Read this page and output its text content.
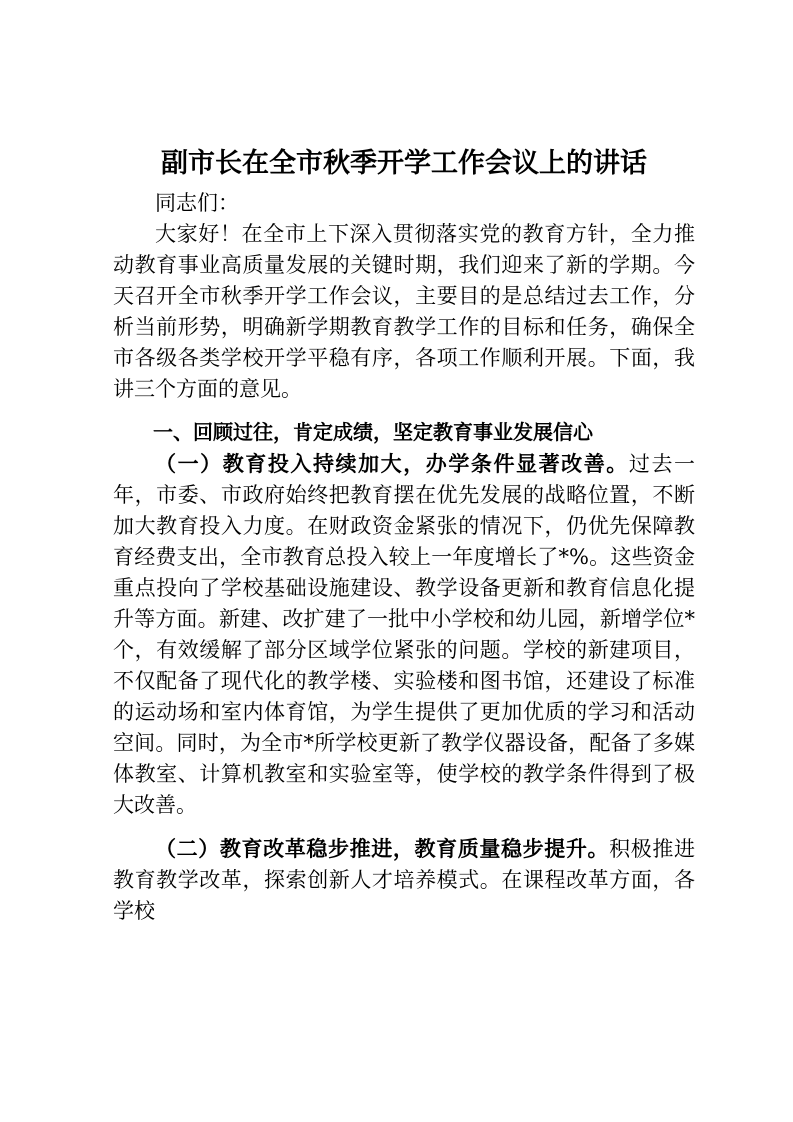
副市长在全市秋季开学工作会议上的讲话

同志们：

大家好！在全市上下深入贯彻落实党的教育方针，全力推动教育事业高质量发展的关键时期，我们迎来了新的学期。今天召开全市秋季开学工作会议，主要目的是总结过去工作，分析当前形势，明确新学期教育教学工作的目标和任务，确保全市各级各类学校开学平稳有序，各项工作顺利开展。下面，我讲三个方面的意见。

一、回顾过往，肯定成绩，坚定教育事业发展信心

（一）教育投入持续加大，办学条件显著改善。过去一年，市委、市政府始终把教育摆在优先发展的战略位置，不断加大教育投入力度。在财政资金紧张的情况下，仍优先保障教育经费支出，全市教育总投入较上一年度增长了*%。这些资金重点投向了学校基础设施建设、教学设备更新和教育信息化提升等方面。新建、改扩建了一批中小学校和幼儿园，新增学位*个，有效缓解了部分区域学位紧张的问题。学校的新建项目，不仅配备了现代化的教学楼、实验楼和图书馆，还建设了标准的运动场和室内体育馆，为学生提供了更加优质的学习和活动空间。同时，为全市*所学校更新了教学仪器设备，配备了多媒体教室、计算机教室和实验室等，使学校的教学条件得到了极大改善。

（二）教育改革稳步推进，教育质量稳步提升。积极推进教育教学改革，探索创新人才培养模式。在课程改革方面，各学校
